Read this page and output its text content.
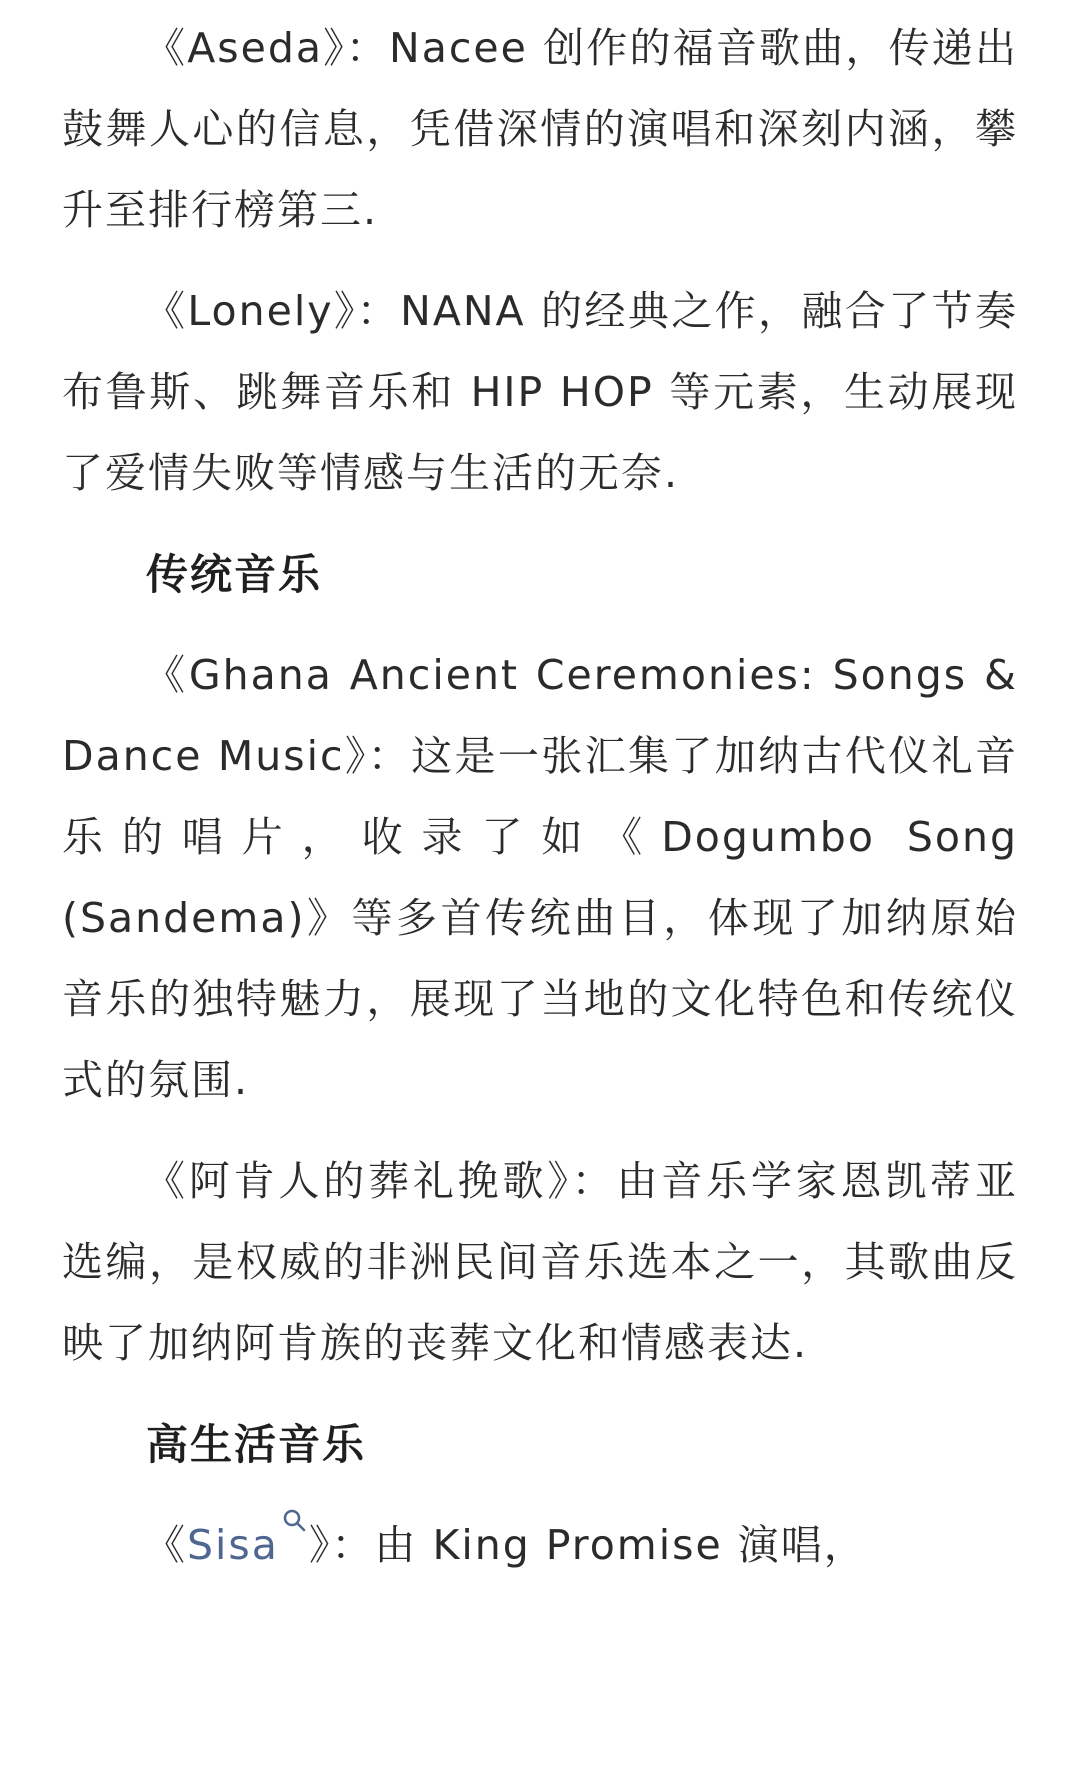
《Aseda》：Nacee 创作的福音歌曲，传递出鼓舞人心的信息，凭借深情的演唱和深刻内涵，攀升至排行榜第三.

《Lonely》：NANA 的经典之作，融合了节奏布鲁斯、跳舞音乐和 HIP HOP 等元素，生动展现了爱情失败等情感与生活的无奈.

传统音乐

《Ghana Ancient Ceremonies: Songs & Dance Music》：这是一张汇集了加纳古代仪礼音乐的唱片，收录了如《Dogumbo Song (Sandema)》等多首传统曲目，体现了加纳原始音乐的独特魅力，展现了当地的文化特色和传统仪式的氛围.

《阿肯人的葬礼挽歌》：由音乐学家恩凯蒂亚选编，是权威的非洲民间音乐选本之一，其歌曲反映了加纳阿肯族的丧葬文化和情感表达.

高生活音乐

《Sisa 》：由 King Promise 演唱，
